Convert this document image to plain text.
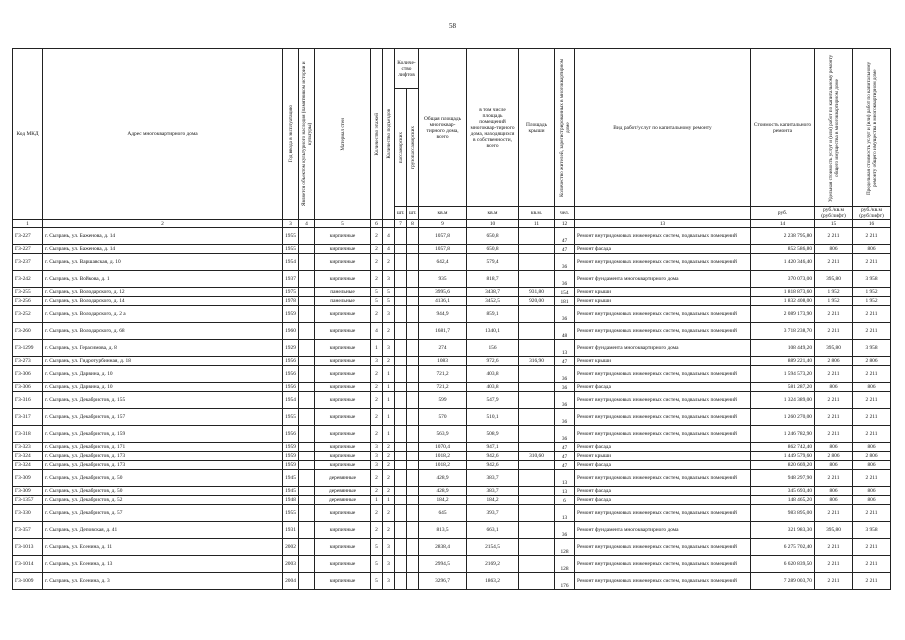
58
Код МКД	Адрес многоквартирного дома	Год ввода в эксплуатацию	Является объектом культурного наследия (памятником истории и культуры)	Материал стен	Количество этажей	Количество подъездов	Количе-ство лифтов		Общая площадь многоквар-тирного дома, всего	в том числе площадь помещений многоквар-тирного дома, находящихся в собственности, всего	Площадь крыши	Количество жителей, зарегистрированных в многоквартирном доме	Вид работ/услуг по капитальному ремонту	Стоимость капитального ремонта	Удельная стоимость услуг и (или) работ по капитальному ремонту общего имущества в многоквартирном доме	Предельная стоимость услуг и (или) работ по капитальному ремонту общего имущества в многоквартирном доме

							пассажирских	грузопассажирских								

							шт.	шт.	кв.м	кв.м	кв.м.	чел.		руб.	руб./кв.м (руб/лифт)	руб./кв.м (руб/лифт)
1	2	3	4	5	6		7	8	9	10	11	12	13	14	15	16
Г3-227	г. Сызрань, ул. Баженова, д. 14	1955		кирпичные	2	4			1057,8	650,8		47	Ремонт внутридомовых инженерных систем, подвальных помещений	2 238 795,80	2 211	2 211
Г3-227	г. Сызрань, ул. Баженова, д. 14	1955		кирпичные	2	4			1057,8	650,8		47	Ремонт фасада	852 586,80	806	806
Г3-237	г. Сызрань, ул. Варшавская, д. 10	1954		кирпичные	2	2			642,4	579,4		36	Ремонт внутридомовых инженерных систем, подвальных помещений	1 420 346,40	2 211	2 211
Г3-242	г. Сызрань, ул. Войкова, д. 1	1937		кирпичные	2	3			935	818,7		36	Ремонт фундамента многоквартирного дома	370 073,00	395,80	3 958
Г3-255	г. Сызрань, ул. Володарского, д. 12	1975		панельные	5	5			3995,6	3438,7	931,80	154	Ремонт крыши	1 818 873,60	1 952	1 952
Г3-256	г. Сызрань, ул. Володарского, д. 14	1978		панельные	5	5			4136,1	3452,5	920,00	181	Ремонт крыши	1 832 408,00	1 952	1 952
Г3-252	г. Сызрань, ул. Володарского, д. 2 а	1959		кирпичные	2	3			944,9	859,1		36	Ремонт внутридомовых инженерных систем, подвальных помещений	2 089 173,90	2 211	2 211
Г3-260	г. Сызрань, ул. Володарского, д. 68	1960		кирпичные	4	2			1681,7	1340,1		48	Ремонт внутридомовых инженерных систем, подвальных помещений	3 718 238,70	2 211	2 211
Г3-1299	г. Сызрань, ул. Герасимова, д. 8	1929		кирпичные	1	3			274	156		13	Ремонт фундамента многоквартирного дома	108 449,20	395,80	3 958
Г3-273	г. Сызрань, ул. Гидротурбинная, д. 18	1956		кирпичные	3	2			1083	972,6	316,90	47	Ремонт крыши	889 221,40	2 806	2 806
Г3-306	г. Сызрань, ул. Дарвина, д. 10	1956		кирпичные	2	1			721,2	403,8		36	Ремонт внутридомовых инженерных систем, подвальных помещений	1 594 573,20	2 211	2 211
Г3-306	г. Сызрань, ул. Дарвина, д. 10	1956		кирпичные	2	1			721,2	403,8		36	Ремонт фасада	581 287,20	806	806
Г3-316	г. Сызрань, ул. Декабристов, д. 155	1954		кирпичные	2	1			599	547,9		36	Ремонт внутридомовых инженерных систем, подвальных помещений	1 324 389,00	2 211	2 211
Г3-317	г. Сызрань, ул. Декабристов, д. 157	1955		кирпичные	2	1			570	510,1		36	Ремонт внутридомовых инженерных систем, подвальных помещений	1 260 270,00	2 211	2 211
Г3-318	г. Сызрань, ул. Декабристов, д. 159	1956		кирпичные	2	1			563,9	508,9		36	Ремонт внутридомовых инженерных систем, подвальных помещений	1 246 782,90	2 211	2 211
Г3-323	г. Сызрань, ул. Декабристов, д. 171	1959		кирпичные	3	2			1070,4	947,1		47	Ремонт фасада	862 742,40	806	806
Г3-324	г. Сызрань, ул. Декабристов, д. 173	1959		кирпичные	3	2			1018,2	942,6	310,60	47	Ремонт крыши	1 449 579,60	2 806	2 806
Г3-324	г. Сызрань, ул. Декабристов, д. 173	1959		кирпичные	3	2			1018,2	942,6		47	Ремонт фасада	820 669,20	806	806
Г3-309	г. Сызрань, ул. Декабристов, д. 50	1945		деревянные	2	2			428,9	383,7		13	Ремонт внутридомовых инженерных систем, подвальных помещений	948 297,90	2 211	2 211
Г3-309	г. Сызрань, ул. Декабристов, д. 50	1945		деревянные	2	2			428,9	383,7		13	Ремонт фасада	345 693,40	806	806
Г3-1357	г. Сызрань, ул. Декабристов, д. 52	1948		деревянные	1	1			184,2	184,2		6	Ремонт фасада	148 465,20	806	806
Г3-330	г. Сызрань, ул. Декабристов, д. 57	1955		кирпичные	2	2			645	393,7		13	Ремонт внутридомовых инженерных систем, подвальных помещений	983 895,00	2 211	2 211
Г3-357	г. Сызрань, ул. Деповская, д. 41	1931		кирпичные	2	2			813,5	663,1		36	Ремонт фундамента многоквартирного дома	321 983,30	395,80	3 958
Г3-1013	г. Сызрань, ул. Есенина, д. 11	2002		кирпичные	5	3			2838,4	2154,5		128	Ремонт внутридомовых инженерных систем, подвальных помещений	6 275 702,40	2 211	2 211
Г3-1014	г. Сызрань, ул. Есенина, д. 13	2003		кирпичные	5	3			2994,5	2169,2		128	Ремонт внутридомовых инженерных систем, подвальных помещений	6 620 839,50	2 211	2 211
Г3-1009	г. Сызрань, ул. Есенина, д. 3	2004		кирпичные	5	3			3296,7	1863,2		176	Ремонт внутридомовых инженерных систем, подвальных помещений	7 289 003,70	2 211	2 211
